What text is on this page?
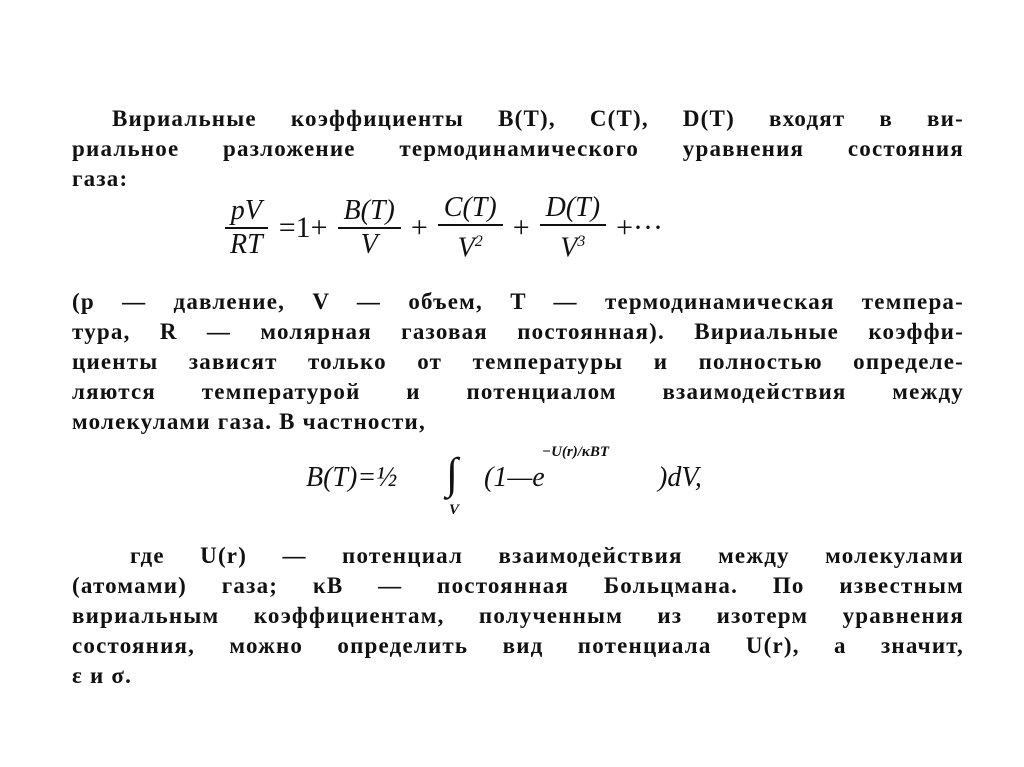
Вириальные коэффициенты B(T), C(T), D(T) входят в ви-
риальное разложение термодинамического уравнения состояния
газа:
$\frac{pV}{RT} =1+ \frac{B(T)}{V} + \frac{C(T)}{V^2} + \frac{D(T)}{V^3}$ +···
(p — давление, V — объем, T — термодинамическая темпера-
тура, R — молярная газовая постоянная). Вириальные коэффи-
циенты зависят только от температуры и полностью определе-
ляются температурой и потенциалом взаимодействия между
молекулами газа. В частности,
B(T)=½ ∫
V
(1—e
−U(r)/κBT
)dV,
где U(r) — потенциал взаимодействия между молекулами
(атомами) газа; κB — постоянная Больцмана. По известным
вириальным коэффициентам, полученным из изотерм уравнения
состояния, можно определить вид потенциала U(r), а значит,
ε и σ.
